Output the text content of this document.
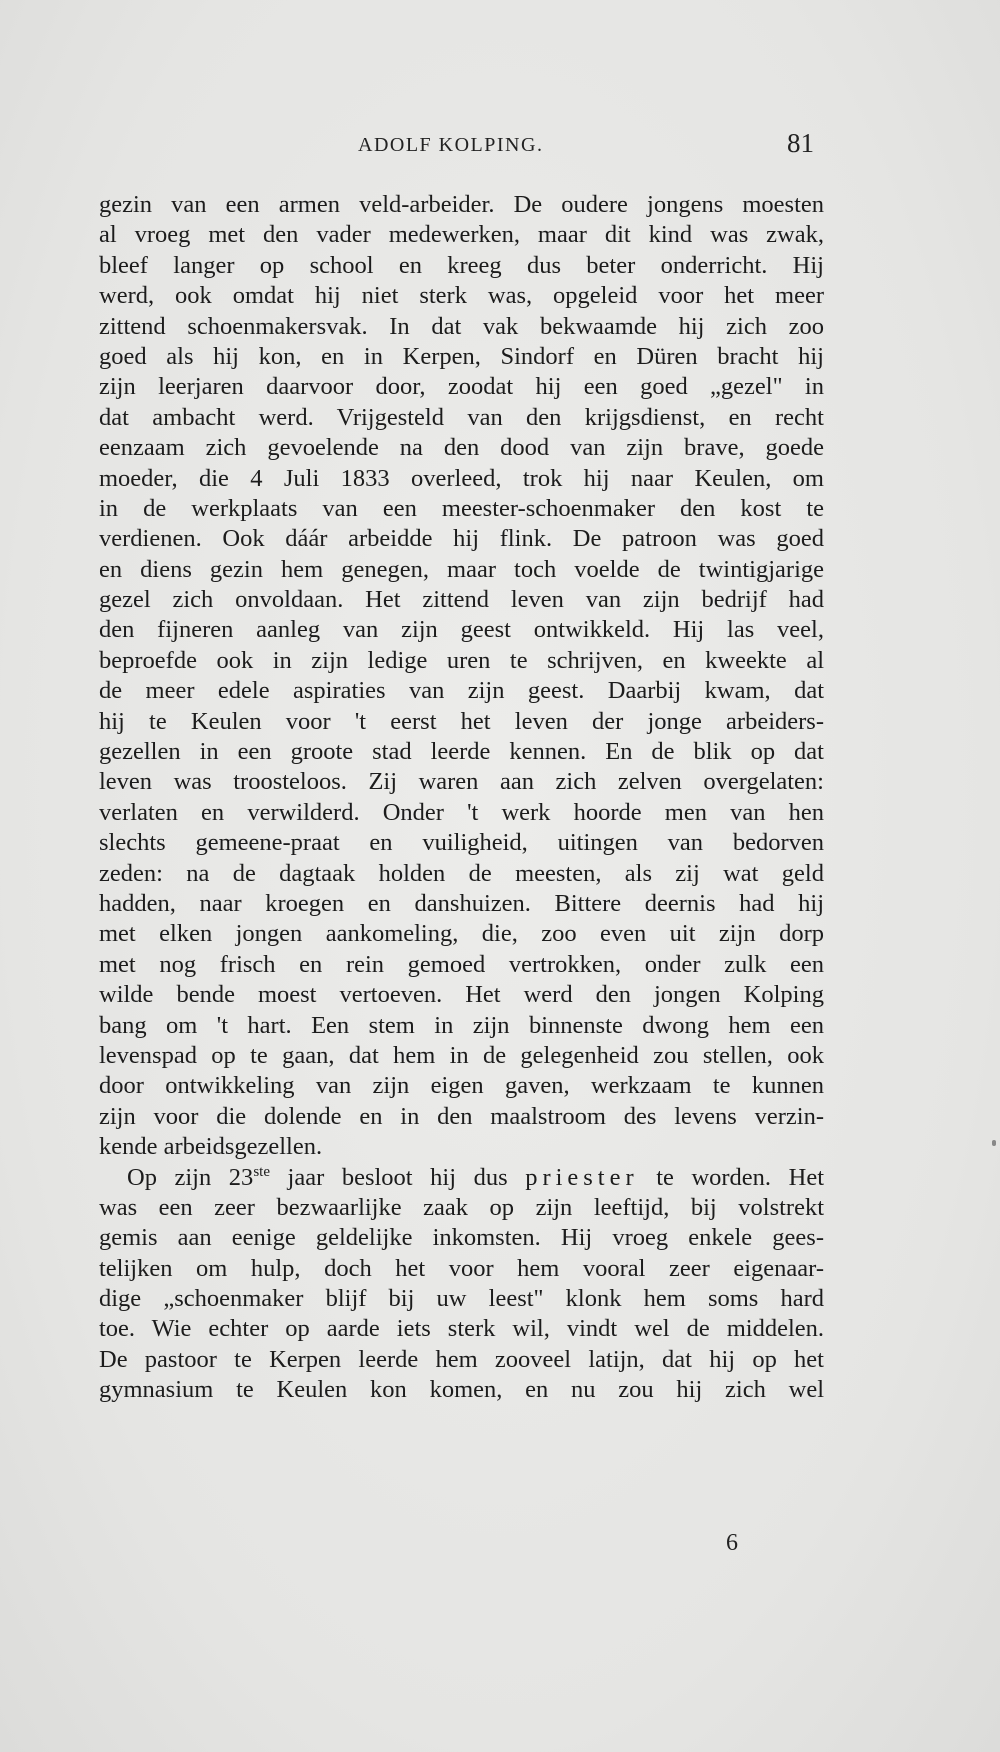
ADOLF KOLPING.	81
gezin van een armen veld-arbeider. De oudere jongens moesten
al vroeg met den vader medewerken, maar dit kind was zwak,
bleef langer op school en kreeg dus beter onderricht. Hij
werd, ook omdat hij niet sterk was, opgeleid voor het meer
zittend schoenmakersvak. In dat vak bekwaamde hij zich zoo
goed als hij kon, en in Kerpen, Sindorf en Düren bracht hij
zijn leerjaren daarvoor door, zoodat hij een goed „gezel" in
dat ambacht werd. Vrijgesteld van den krijgsdienst, en recht
eenzaam zich gevoelende na den dood van zijn brave, goede
moeder, die 4 Juli 1833 overleed, trok hij naar Keulen, om
in de werkplaats van een meester-schoenmaker den kost te
verdienen. Ook dáár arbeidde hij flink. De patroon was goed
en diens gezin hem genegen, maar toch voelde de twintigjarige
gezel zich onvoldaan. Het zittend leven van zijn bedrijf had
den fijneren aanleg van zijn geest ontwikkeld. Hij las veel,
beproefde ook in zijn ledige uren te schrijven, en kweekte al
de meer edele aspiraties van zijn geest. Daarbij kwam, dat
hij te Keulen voor 't eerst het leven der jonge arbeiders-
gezellen in een groote stad leerde kennen. En de blik op dat
leven was troosteloos. Zij waren aan zich zelven overgelaten:
verlaten en verwilderd. Onder 't werk hoorde men van hen
slechts gemeene-praat en vuiligheid, uitingen van bedorven
zeden: na de dagtaak holden de meesten, als zij wat geld
hadden, naar kroegen en danshuizen. Bittere deernis had hij
met elken jongen aankomeling, die, zoo even uit zijn dorp
met nog frisch en rein gemoed vertrokken, onder zulk een
wilde bende moest vertoeven. Het werd den jongen Kolping
bang om 't hart. Een stem in zijn binnenste dwong hem een
levenspad op te gaan, dat hem in de gelegenheid zou stellen, ook
door ontwikkeling van zijn eigen gaven, werkzaam te kunnen
zijn voor die dolende en in den maalstroom des levens verzin-
kende arbeidsgezellen.
Op zijn 23ste jaar besloot hij dus priester te worden. Het
was een zeer bezwaarlijke zaak op zijn leeftijd, bij volstrekt
gemis aan eenige geldelijke inkomsten. Hij vroeg enkele gees-
telijken om hulp, doch het voor hem vooral zeer eigenaar-
dige „schoenmaker blijf bij uw leest" klonk hem soms hard
toe. Wie echter op aarde iets sterk wil, vindt wel de middelen.
De pastoor te Kerpen leerde hem zooveel latijn, dat hij op het
gymnasium te Keulen kon komen, en nu zou hij zich wel
6
